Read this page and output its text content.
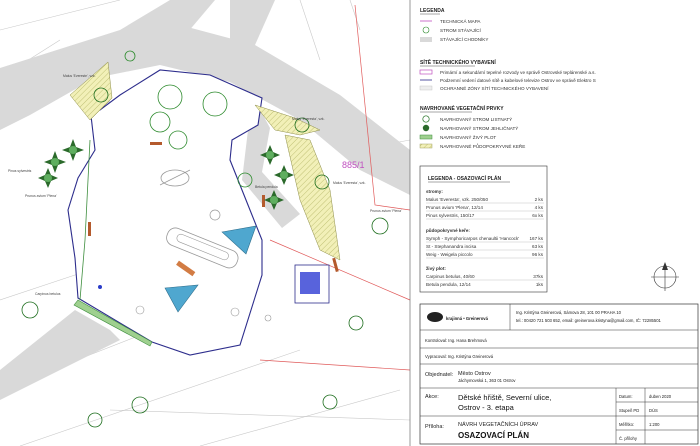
885/1
Malus 'Evereste', vzk.
Malus 'Everesta', vzk.
Malus 'Everesta', vzk.
Betula pendula
Prunus avium 'Plena'
Prunus avium 'Plena'
Pinus sylvestris
Carpinus betulus
LEGENDA
TECHNICKÁ MAPA
STROM STÁVAJÍCÍ
STÁVAJÍCÍ CHODNÍKY
SÍTĚ TECHNICKÉHO VYBAVENÍ
Primární a sekundární tepelné rozvody ve správě Ostrovské teplárenské a.s.
Podzemní vedení datové sítě a kabelové televize Ostrov ve správě Elektro S
OCHRANNÉ ZÓNY SÍTÍ TECHNICKÉHO VYBAVENÍ
NAVRHOVANÉ VEGETAČNÍ PRVKY
NAVRHOVANÝ STROM LISTNATÝ
NAVRHOVANÝ STROM JEHLIČNATÝ
NAVRHOVANÝ ŽIVÝ PLOT
NAVRHOVANÉ PŮDOPOKRYVNÉ KEŘE
LEGENDA - OSAZOVACÍ PLÁN
stromy:
Malus 'Everesta', vzk. 250/050	2 ks
Prunus avium 'Plena', 12/14	4 ks
Pinus sylvestris, 150/17	6x ks
půdopokryvné keře:
Symph - Symphoricarpos chenaultii 'Hancock' 167 ks
St - Stephanandra incisa	63 ks
Weig - Weigela piccolo	96 ks
živý plot:
Carpinus betulus, 40/60	37ks
Betula pendula, 12/14	1ks
krajinná • Greinerová
Ing. Kristýna Greinerová, Sámova 28, 101 00 PRAHA 10
tel.: 00420 721 503 652, email: greinerova.kristyna@gmail.com, IČ: 72285501
Kontroloval: Ing. Hana Brehmová
Vypracoval: Ing. Kristýna Greinerová
Objednatel: Město Ostrov
Jáchymovská 1, 363 01 Ostrov
Datum:	duben 2020
Stupeň PD DÚS
Měřítko:	1:200
Č. přílohy
Akce:	Dětské hřiště, Severní ulice,
Ostrov - 3. etapa
Příloha:	NÁVRH VEGETAČNÍCH ÚPRAV
OSAZOVACÍ PLÁN
